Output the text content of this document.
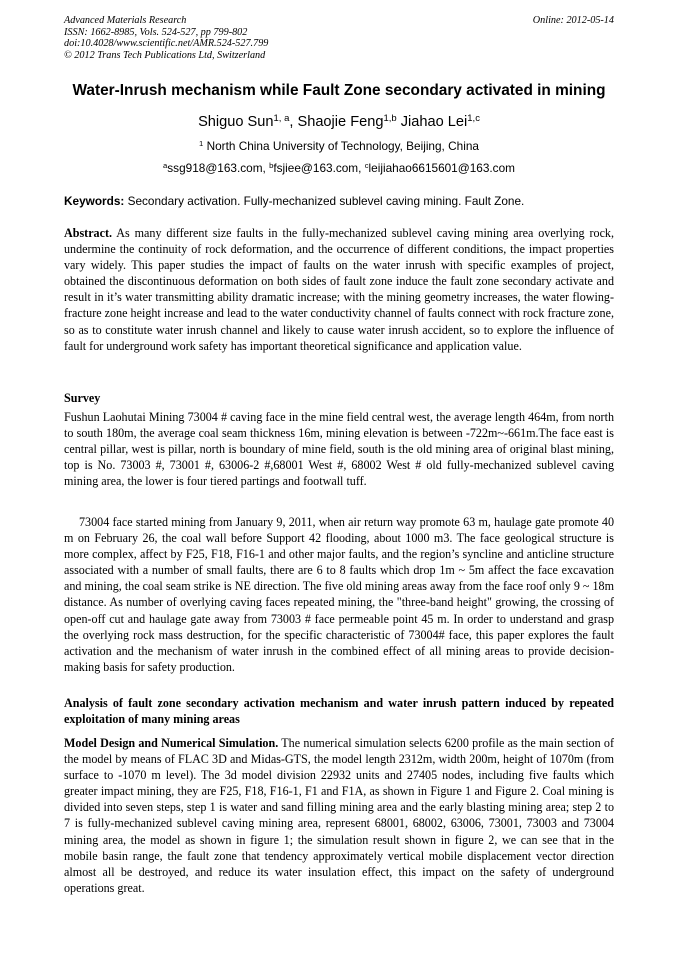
Advanced Materials Research
ISSN: 1662-8985, Vols. 524-527, pp 799-802
doi:10.4028/www.scientific.net/AMR.524-527.799
© 2012 Trans Tech Publications Ltd, Switzerland
Online: 2012-05-14
Water-Inrush mechanism while Fault Zone secondary activated in mining
Shiguo Sun$^{1, a}$, Shaojie Feng$^{1,b}$ Jiahao Lei$^{1,c}$
$^1$ North China University of Technology, Beijing, China
$^a$ssg918@163.com, $^b$fsjiee@163.com, $^c$leijiahao6615601@163.com
Keywords: Secondary activation. Fully-mechanized sublevel caving mining. Fault Zone.
Abstract. As many different size faults in the fully-mechanized sublevel caving mining area overlying rock, undermine the continuity of rock deformation, and the occurrence of different conditions, the impact properties vary widely. This paper studies the impact of faults on the water inrush with specific examples of project, obtained the discontinuous deformation on both sides of fault zone induce the fault zone secondary activate and result in it’s water transmitting ability dramatic increase; with the mining geometry increases, the water flowing-fracture zone height increase and lead to the water conductivity channel of faults connect with rock fracture zone, so as to constitute water inrush channel and likely to cause water inrush accident, so to explore the influence of fault for underground work safety has important theoretical significance and application value.
Survey
Fushun Laohutai Mining 73004 # caving face in the mine field central west, the average length 464m, from north to south 180m, the average coal seam thickness 16m, mining elevation is between -722m~-661m.The face east is central pillar, west is pillar, north is boundary of mine field, south is the old mining area of original blast mining, top is No. 73003 #, 73001 #, 63006-2 #,68001 West #, 68002 West # old fully-mechanized sublevel caving mining area, the lower is four tiered partings and footwall tuff.
73004 face started mining from January 9, 2011, when air return way promote 63 m, haulage gate promote 40 m on February 26, the coal wall before Support 42 flooding, about 1000 m3. The face geological structure is more complex, affect by F25, F18, F16-1 and other major faults, and the region’s syncline and anticline structure associated with a number of small faults, there are 6 to 8 faults which drop 1m ~ 5m affect the face excavation and mining, the coal seam strike is NE direction. The five old mining areas away from the face roof only 9 ~ 18m distance. As number of overlying caving faces repeated mining, the "three-band height" growing, the crossing of open-off cut and haulage gate away from 73003 # face permeable point 45 m. In order to understand and grasp the overlying rock mass destruction, for the specific characteristic of 73004# face, this paper explores the fault activation and the mechanism of water inrush in the combined effect of all mining areas to provide decision-making basis for safety production.
Analysis of fault zone secondary activation mechanism and water inrush pattern induced by repeated exploitation of many mining areas
Model Design and Numerical Simulation. The numerical simulation selects 6200 profile as the main section of the model by means of FLAC 3D and Midas-GTS, the model length 2312m, width 200m, height of 1070m (from surface to -1070 m level). The 3d model division 22932 units and 27405 nodes, including five faults which greater impact mining, they are F25, F18, F16-1, F1 and F1A, as shown in Figure 1 and Figure 2. Coal mining is divided into seven steps, step 1 is water and sand filling mining area and the early blasting mining area; step 2 to 7 is fully-mechanized sublevel caving mining area, represent 68001, 68002, 63006, 73001, 73003 and 73004 mining area, the model as shown in figure 1; the simulation result shown in figure 2, we can see that in the mobile basin range, the fault zone that tendency approximately vertical mobile displacement vector direction almost all be destroyed, and reduce its water insulation effect, this impact on the safety of underground operations great.
